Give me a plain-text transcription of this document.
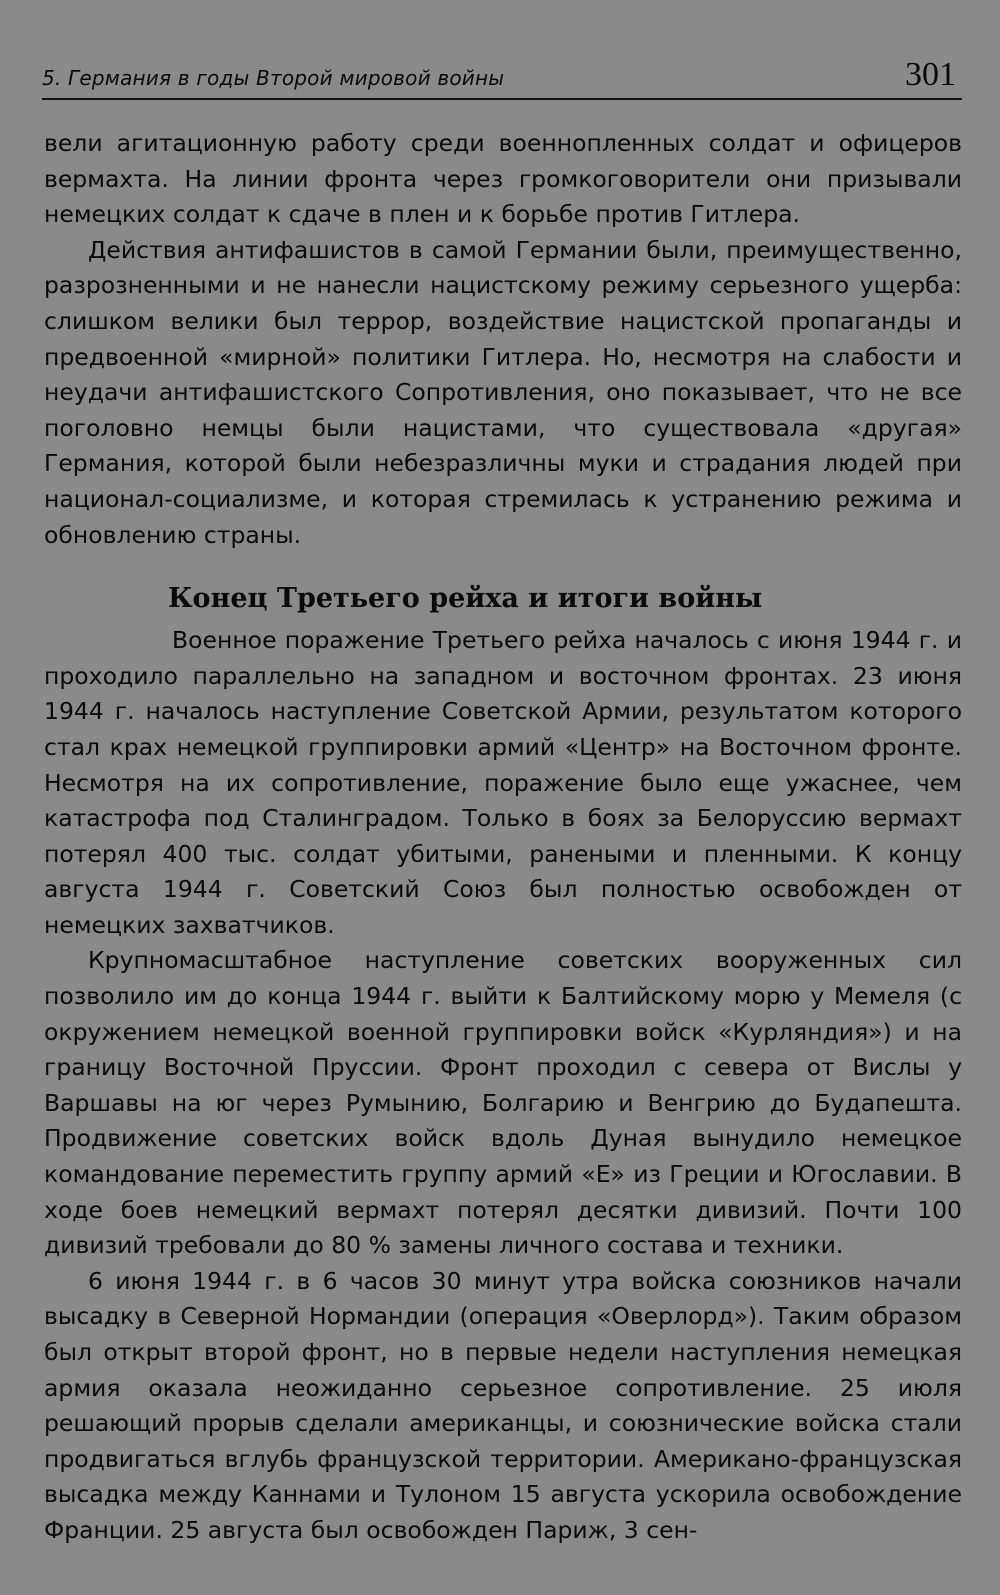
5. Германия в годы Второй мировой войны	301

вели агитационную работу среди военнопленных солдат и офицеров вермахта. На линии фронта через громкоговорители они призывали немецких солдат к сдаче в плен и к борьбе против Гитлера.

Действия антифашистов в самой Германии были, преимущественно, разрозненными и не нанесли нацистскому режиму серьезного ущерба: слишком велики был террор, воздействие нацистской пропаганды и предвоенной «мирной» политики Гитлера. Но, несмотря на слабости и неудачи антифашистского Сопротивления, оно показывает, что не все поголовно немцы были нацистами, что существовала «другая» Германия, которой были небезразличны муки и страдания людей при национал-социализме, и которая стремилась к устранению режима и обновлению страны.

Конец Третьего рейха и итоги войны

Военное поражение Третьего рейха началось с июня 1944 г. и проходило параллельно на западном и восточном фронтах. 23 июня 1944 г. началось наступление Советской Армии, результатом которого стал крах немецкой группировки армий «Центр» на Восточном фронте. Несмотря на их сопротивление, поражение было еще ужаснее, чем катастрофа под Сталинградом. Только в боях за Белоруссию вермахт потерял 400 тыс. солдат убитыми, ранеными и пленными. К концу августа 1944 г. Советский Союз был полностью освобожден от немецких захватчиков.

Крупномасштабное наступление советских вооруженных сил позволило им до конца 1944 г. выйти к Балтийскому морю у Мемеля (с окружением немецкой военной группировки войск «Курляндия») и на границу Восточной Пруссии. Фронт проходил с севера от Вислы у Варшавы на юг через Румынию, Болгарию и Венгрию до Будапешта. Продвижение советских войск вдоль Дуная вынудило немецкое командование переместить группу армий «Е» из Греции и Югославии. В ходе боев немецкий вермахт потерял десятки дивизий. Почти 100 дивизий требовали до 80 % замены личного состава и техники.

6 июня 1944 г. в 6 часов 30 минут утра войска союзников начали высадку в Северной Нормандии (операция «Оверлорд»). Таким образом был открыт второй фронт, но в первые недели наступления немецкая армия оказала неожиданно серьезное сопротивление. 25 июля решающий прорыв сделали американцы, и союзнические войска стали продвигаться вглубь французской территории. Американо-французская высадка между Каннами и Тулоном 15 августа ускорила освобождение Франции. 25 августа был освобожден Париж, 3 сен-
